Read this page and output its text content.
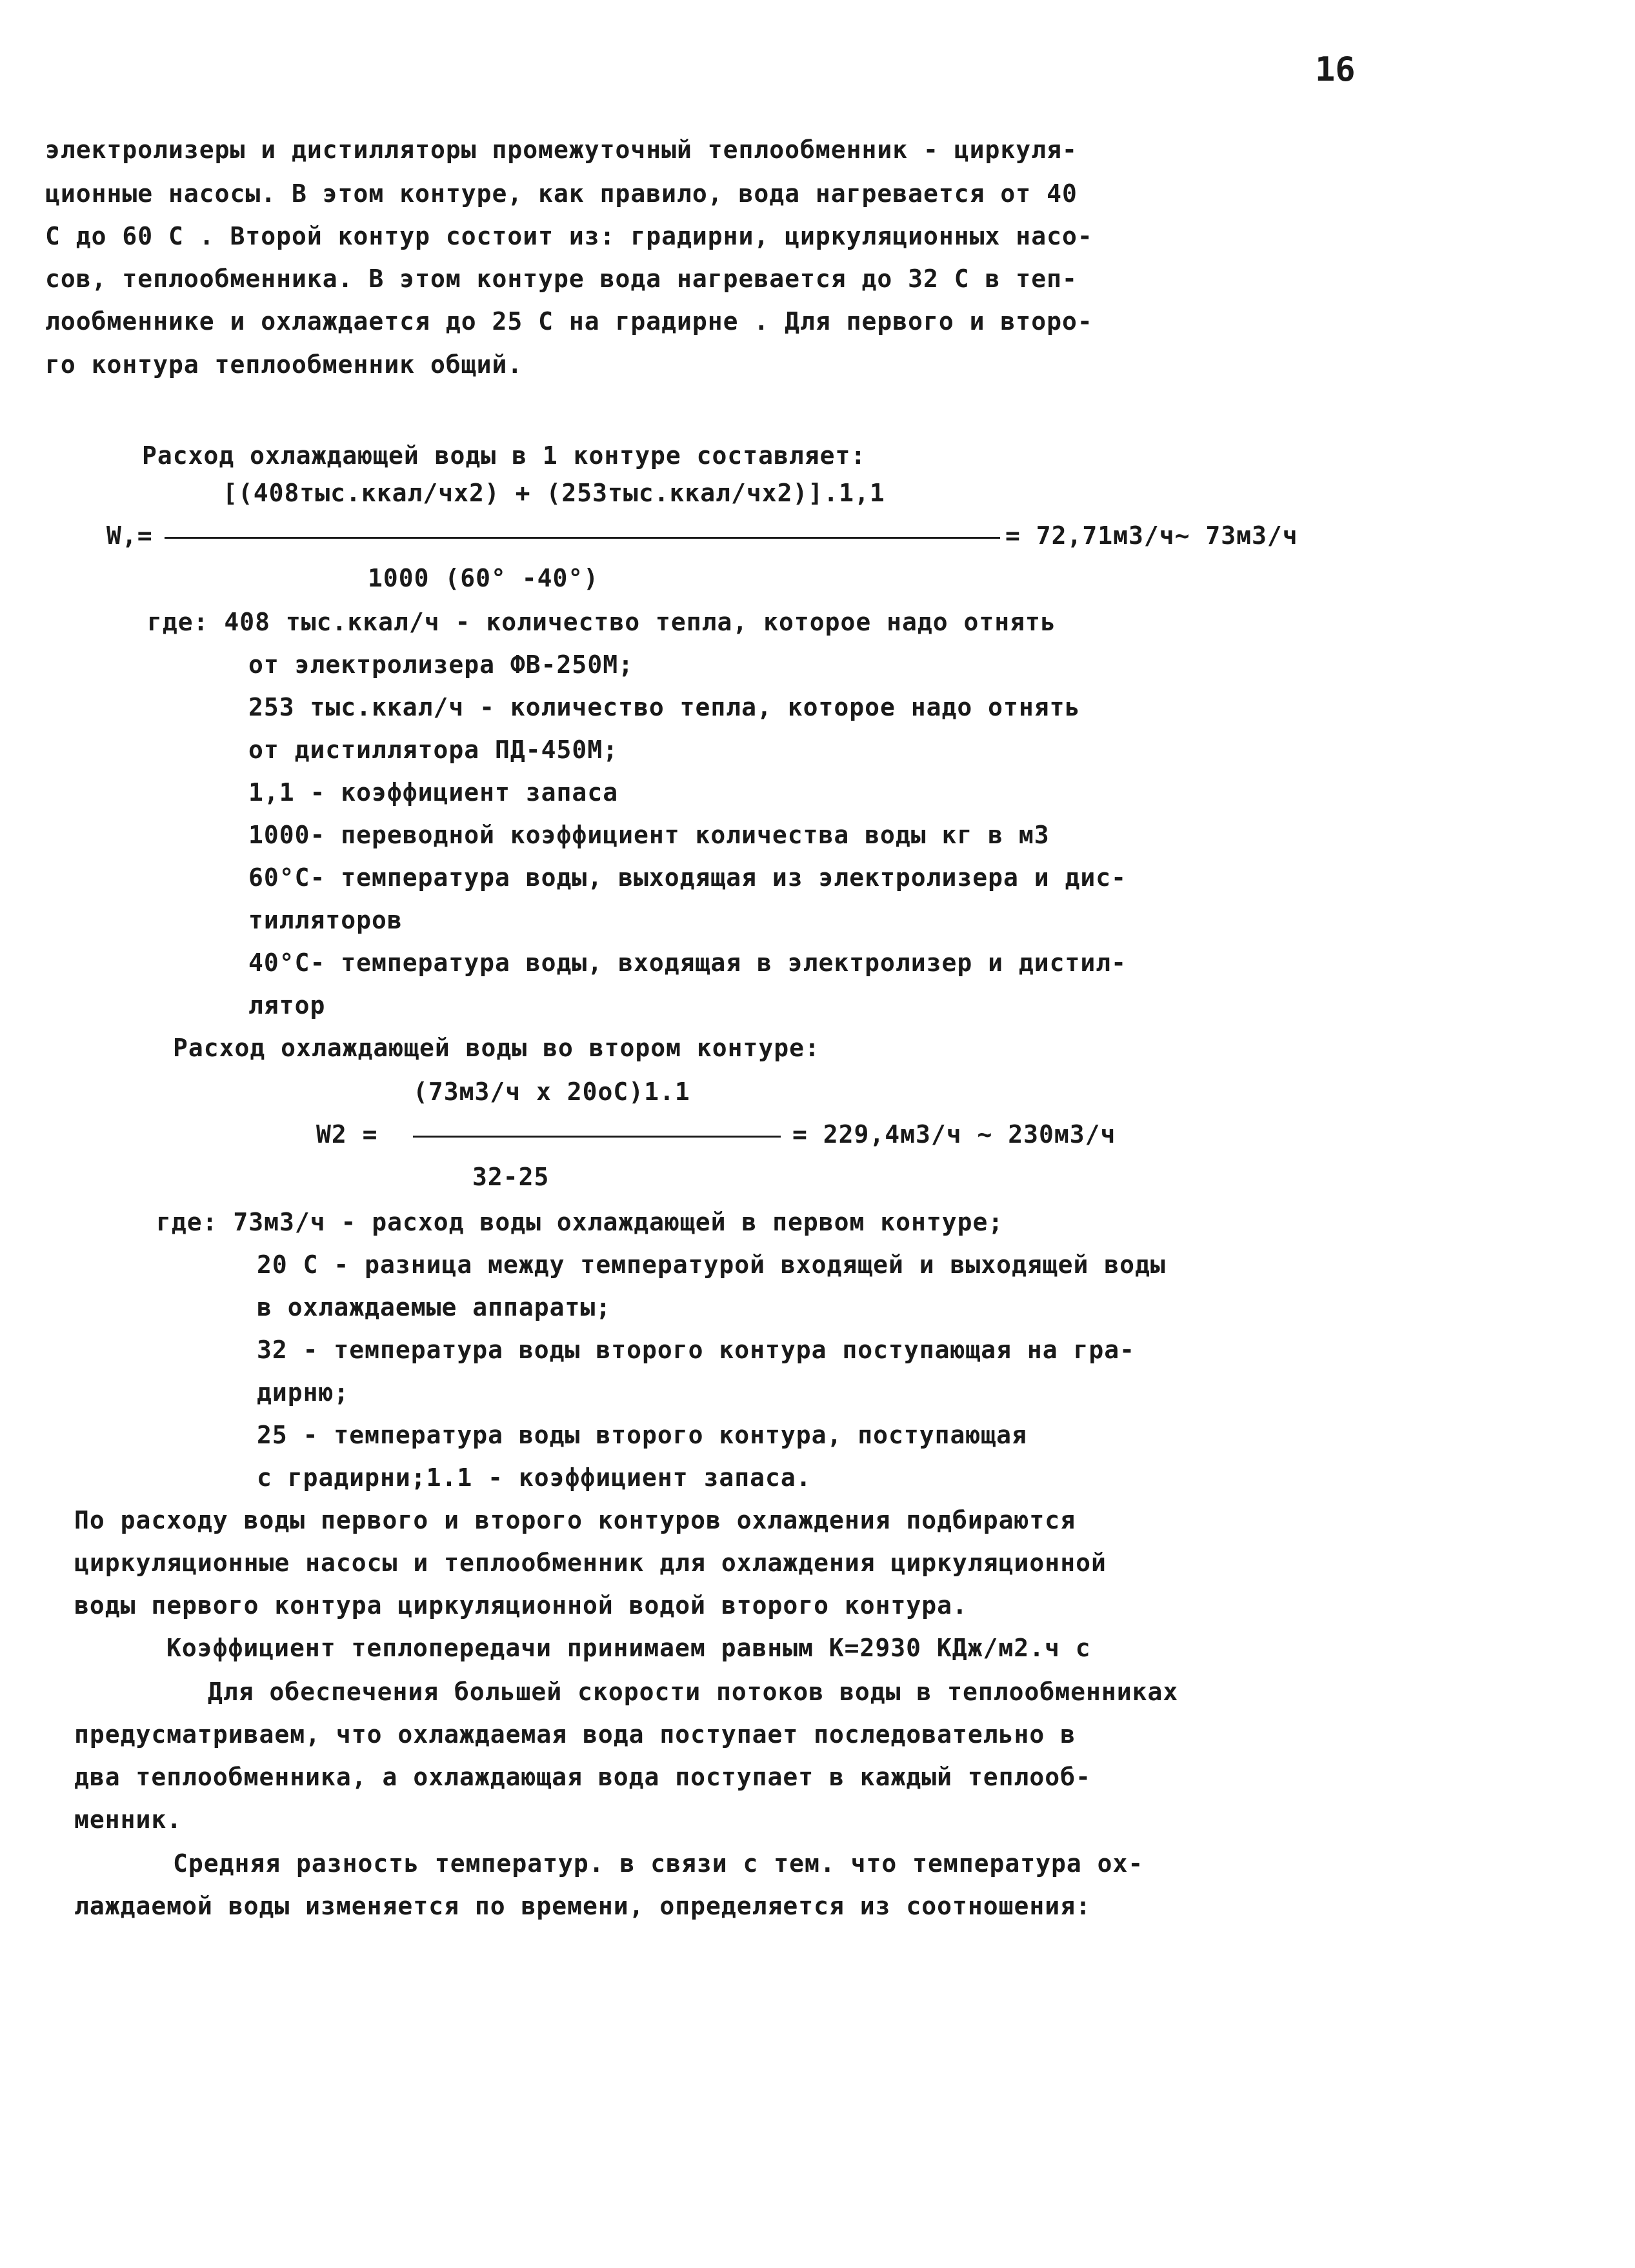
16
электролизеры и дистилляторы промежуточный теплообменник - циркуля-
ционные насосы. В этом контуре, как правило, вода нагревается от 40
С до 60 С . Второй контур состоит из: градирни, циркуляционных насо-
сов, теплообменника. В этом контуре вода нагревается до 32 С в теп-
лообменнике и охлаждается до 25 С на градирне . Для первого и второ-
го контура теплообменник общий.
Расход охлаждающей воды в 1 контуре составляет:
[(408тыс.ккал/чх2) + (253тыс.ккал/чх2)].1,1
W,=	= 72,71м3/ч~ 73м3/ч
1000 (60° -40°)
где: 408 тыс.ккал/ч - количество тепла, которое надо отнять
от электролизера ФВ-250М;
253 тыс.ккал/ч - количество тепла, которое надо отнять
от дистиллятора ПД-450М;
1,1 - коэффициент запаса
1000- переводной коэффициент количества воды кг в м3
60°С- температура воды, выходящая из электролизера и дис-
тилляторов
40°С- температура воды, входящая в электролизер и дистил-
лятор
Расход охлаждающей воды во втором контуре:
(73м3/ч х 20оС)1.1
W2 =	= 229,4м3/ч ~ 230м3/ч
32-25
где: 73м3/ч - расход воды охлаждающей в первом контуре;
20 С - разница между температурой входящей и выходящей воды
в охлаждаемые аппараты;
32 - температура воды второго контура поступающая на гра-
дирню;
25 - температура воды второго контура, поступающая
с градирни;1.1 - коэффициент запаса.
По расходу воды первого и второго контуров охлаждения подбираются
циркуляционные насосы и теплообменник для охлаждения циркуляционной
воды первого контура циркуляционной водой второго контура.
Коэффициент теплопередачи принимаем равным К=2930 КДж/м2.ч с
Для обеспечения большей скорости потоков воды в теплообменниках
предусматриваем, что охлаждаемая вода поступает последовательно в
два теплообменника, а охлаждающая вода поступает в каждый теплооб-
менник.
Средняя разность температур. в связи с тем. что температура ох-
лаждаемой воды изменяется по времени, определяется из соотношения:
